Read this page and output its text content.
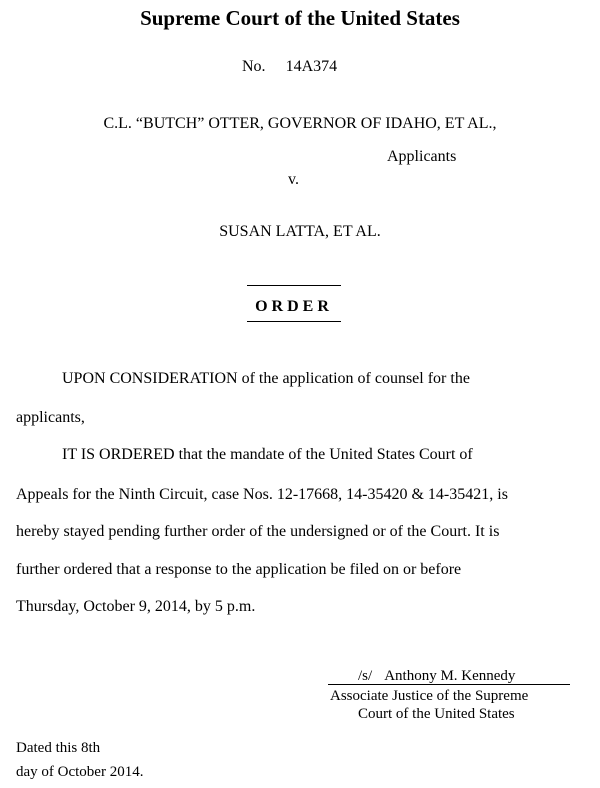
Supreme Court of the United States
No. 14A374
C.L. “BUTCH” OTTER, GOVERNOR OF IDAHO, ET AL.,
Applicants
v.
SUSAN LATTA, ET AL.
ORDER
UPON CONSIDERATION of the application of counsel for the
applicants,
IT IS ORDERED that the mandate of the United States Court of
Appeals for the Ninth Circuit, case Nos. 12-17668, 14-35420 & 14-35421, is
hereby stayed pending further order of the undersigned or of the Court. It is
further ordered that a response to the application be filed on or before
Thursday, October 9, 2014, by 5 p.m.
/s/ Anthony M. Kennedy
Associate Justice of the Supreme
Court of the United States
Dated this 8th
day of October 2014.
